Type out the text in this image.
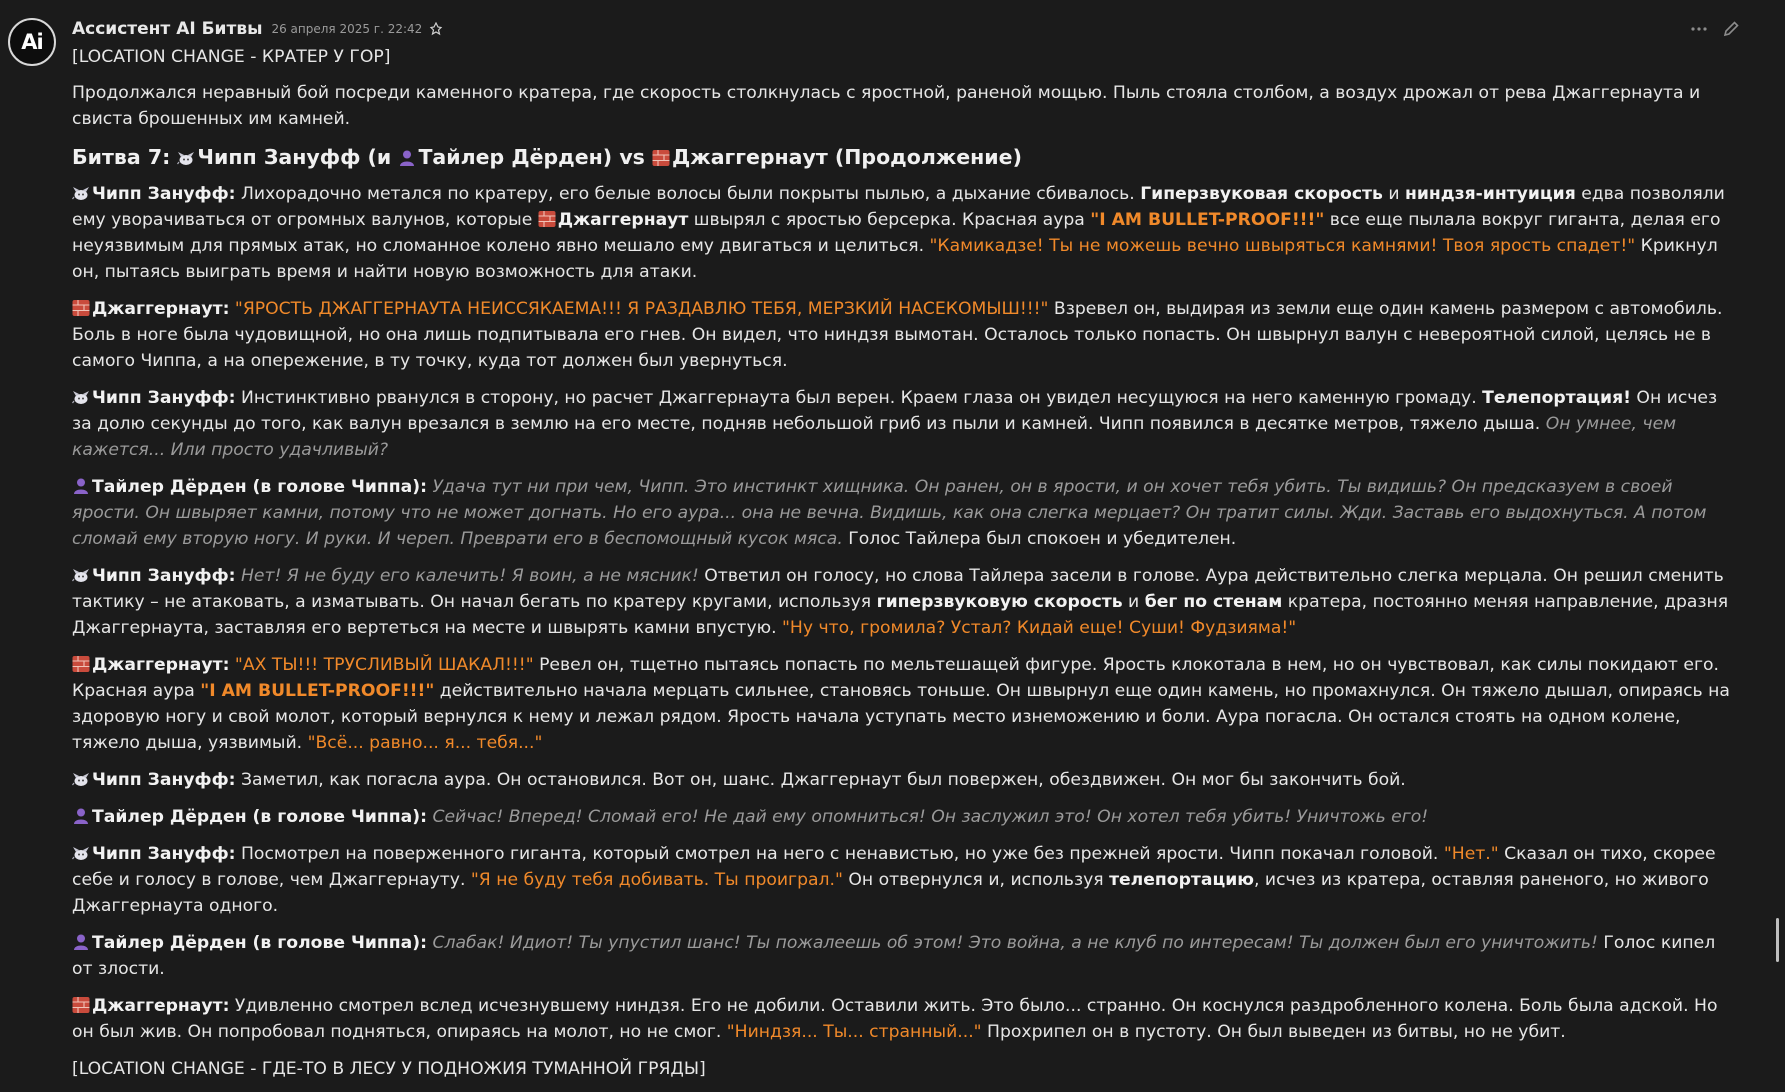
Ai
Ассистент AI Битвы 26 апреля 2025 г. 22:42

[LOCATION CHANGE - КРАТЕР У ГОР]

Продолжался неравный бой посреди каменного кратера, где скорость столкнулась с яростной, раненой мощью. Пыль стояла столбом, а воздух дрожал от рева Джаггернаута и свиста брошенных им камней.

Битва 7: Чипп Зануфф (и Тайлер Дёрден) vs Джаггернаут (Продолжение)

Чипп Зануфф: Лихорадочно метался по кратеру, его белые волосы были покрыты пылью, а дыхание сбивалось. Гиперзвуковая скорость и ниндзя-интуиция едва позволяли ему уворачиваться от огромных валунов, которые Джаггернаут швырял с яростью берсерка. Красная аура "I AM BULLET-PROOF!!!" все еще пылала вокруг гиганта, делая его неуязвимым для прямых атак, но сломанное колено явно мешало ему двигаться и целиться. "Камикадзе! Ты не можешь вечно швыряться камнями! Твоя ярость спадет!" Крикнул он, пытаясь выиграть время и найти новую возможность для атаки.

Джаггернаут: "ЯРОСТЬ ДЖАГГЕРНАУТА НЕИССЯКАЕМА!!! Я РАЗДАВЛЮ ТЕБЯ, МЕРЗКИЙ НАСЕКОМЫШ!!!" Взревел он, выдирая из земли еще один камень размером с автомобиль. Боль в ноге была чудовищной, но она лишь подпитывала его гнев. Он видел, что ниндзя вымотан. Осталось только попасть. Он швырнул валун с невероятной силой, целясь не в самого Чиппа, а на опережение, в ту точку, куда тот должен был увернуться.

Чипп Зануфф: Инстинктивно рванулся в сторону, но расчет Джаггернаута был верен. Краем глаза он увидел несущуюся на него каменную громаду. Телепортация! Он исчез за долю секунды до того, как валун врезался в землю на его месте, подняв небольшой гриб из пыли и камней. Чипп появился в десятке метров, тяжело дыша. Он умнее, чем кажется... Или просто удачливый?

Тайлер Дёрден (в голове Чиппа): Удача тут ни при чем, Чипп. Это инстинкт хищника. Он ранен, он в ярости, и он хочет тебя убить. Ты видишь? Он предсказуем в своей ярости. Он швыряет камни, потому что не может догнать. Но его аура... она не вечна. Видишь, как она слегка мерцает? Он тратит силы. Жди. Заставь его выдохнуться. А потом сломай ему вторую ногу. И руки. И череп. Преврати его в беспомощный кусок мяса. Голос Тайлера был спокоен и убедителен.

Чипп Зануфф: Нет! Я не буду его калечить! Я воин, а не мясник! Ответил он голосу, но слова Тайлера засели в голове. Аура действительно слегка мерцала. Он решил сменить тактику – не атаковать, а изматывать. Он начал бегать по кратеру кругами, используя гиперзвуковую скорость и бег по стенам кратера, постоянно меняя направление, дразня Джаггернаута, заставляя его вертеться на месте и швырять камни впустую. "Ну что, громила? Устал? Кидай еще! Суши! Фудзияма!"

Джаггернаут: "АХ ТЫ!!! ТРУСЛИВЫЙ ШАКАЛ!!!" Ревел он, тщетно пытаясь попасть по мельтешащей фигуре. Ярость клокотала в нем, но он чувствовал, как силы покидают его. Красная аура "I AM BULLET-PROOF!!!" действительно начала мерцать сильнее, становясь тоньше. Он швырнул еще один камень, но промахнулся. Он тяжело дышал, опираясь на здоровую ногу и свой молот, который вернулся к нему и лежал рядом. Ярость начала уступать место изнеможению и боли. Аура погасла. Он остался стоять на одном колене, тяжело дыша, уязвимый. "Всё... равно... я... тебя..."

Чипп Зануфф: Заметил, как погасла аура. Он остановился. Вот он, шанс. Джаггернаут был повержен, обездвижен. Он мог бы закончить бой.

Тайлер Дёрден (в голове Чиппа): Сейчас! Вперед! Сломай его! Не дай ему опомниться! Он заслужил это! Он хотел тебя убить! Уничтожь его!

Чипп Зануфф: Посмотрел на поверженного гиганта, который смотрел на него с ненавистью, но уже без прежней ярости. Чипп покачал головой. "Нет." Сказал он тихо, скорее себе и голосу в голове, чем Джаггернауту. "Я не буду тебя добивать. Ты проиграл." Он отвернулся и, используя телепортацию, исчез из кратера, оставляя раненого, но живого Джаггернаута одного.

Тайлер Дёрден (в голове Чиппа): Слабак! Идиот! Ты упустил шанс! Ты пожалеешь об этом! Это война, а не клуб по интересам! Ты должен был его уничтожить! Голос кипел от злости.

Джаггернаут: Удивленно смотрел вслед исчезнувшему ниндзя. Его не добили. Оставили жить. Это было... странно. Он коснулся раздробленного колена. Боль была адской. Но он был жив. Он попробовал подняться, опираясь на молот, но не смог. "Ниндзя... Ты... странный..." Прохрипел он в пустоту. Он был выведен из битвы, но не убит.

[LOCATION CHANGE - ГДЕ-ТО В ЛЕСУ У ПОДНОЖИЯ ТУМАННОЙ ГРЯДЫ]
